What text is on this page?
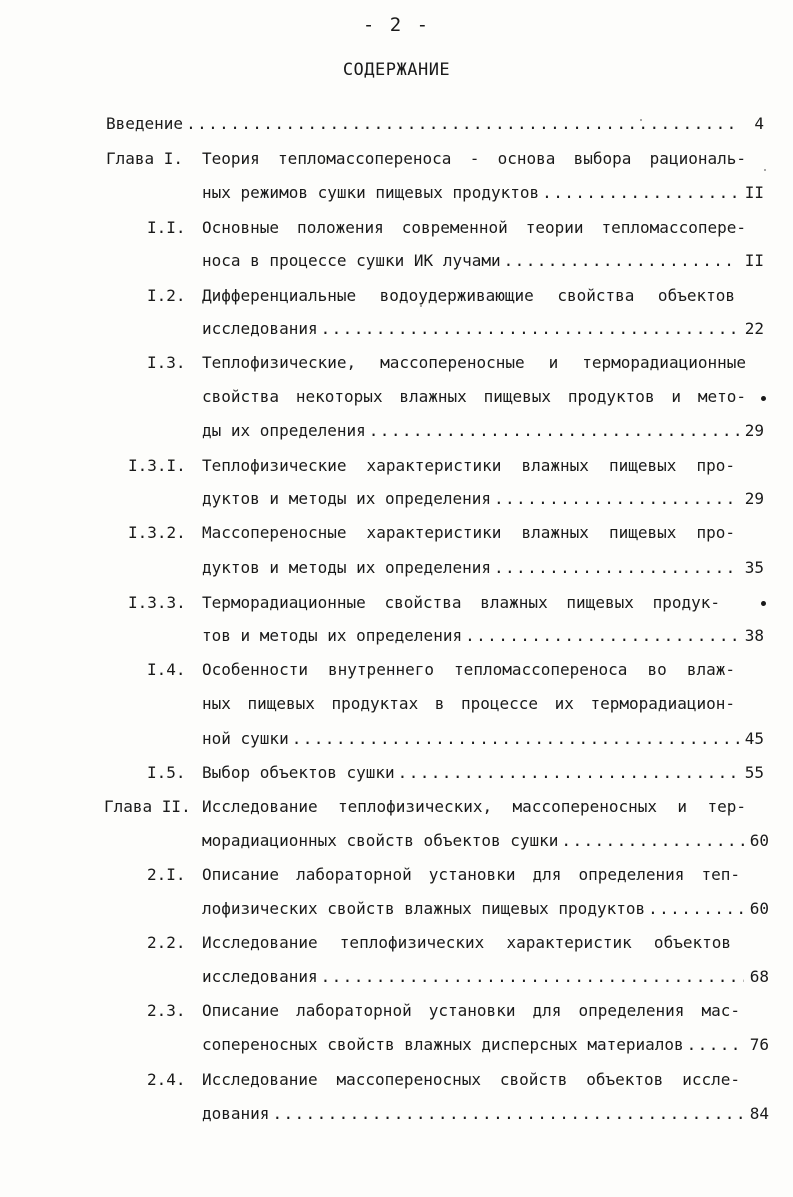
- 2 -
СОДЕРЖАНИЕ
Введение .....	4
Глава I.	Теория тепломассопереноса - основа выбора рациональ-
ных режимов сушки пищевых продуктов .....	II
I.I.	Основные положения современной теории тепломассопере-
носа в процессе сушки ИК лучами .....	II
I.2.	Дифференциальные водоудерживающие свойства объектов
исследования .....	22
I.3.	Теплофизические, массопереносные и терморадиационные
свойства некоторых влажных пищевых продуктов и мето-
ды их определения .....	29
I.3.I.	Теплофизические характеристики влажных пищевых про-
дуктов и методы их определения .....	29
I.3.2.	Массопереносные характеристики влажных пищевых про-
дуктов и методы их определения .....	35
I.3.3.	Терморадиационные свойства влажных пищевых продук-
тов и методы их определения .....	38
I.4.	Особенности внутреннего тепломассопереноса во влаж-
ных пищевых продуктах в процессе их терморадиацион-
ной сушки .....	45
I.5.	Выбор объектов сушки .....	55
Глава II. Исследование теплофизических, массопереносных и тер-
морадиационных свойств объектов сушки .....	60
2.I.	Описание лабораторной установки для определения теп-
лофизических свойств влажных пищевых продуктов .....	60
2.2.	Исследование теплофизических характеристик объектов
исследования .....	68
2.3.	Описание лабораторной установки для определения мас-
сопереносных свойств влажных дисперсных материалов .....	76
2.4.	Исследование массопереносных свойств объектов иссле-
дования .....	84
